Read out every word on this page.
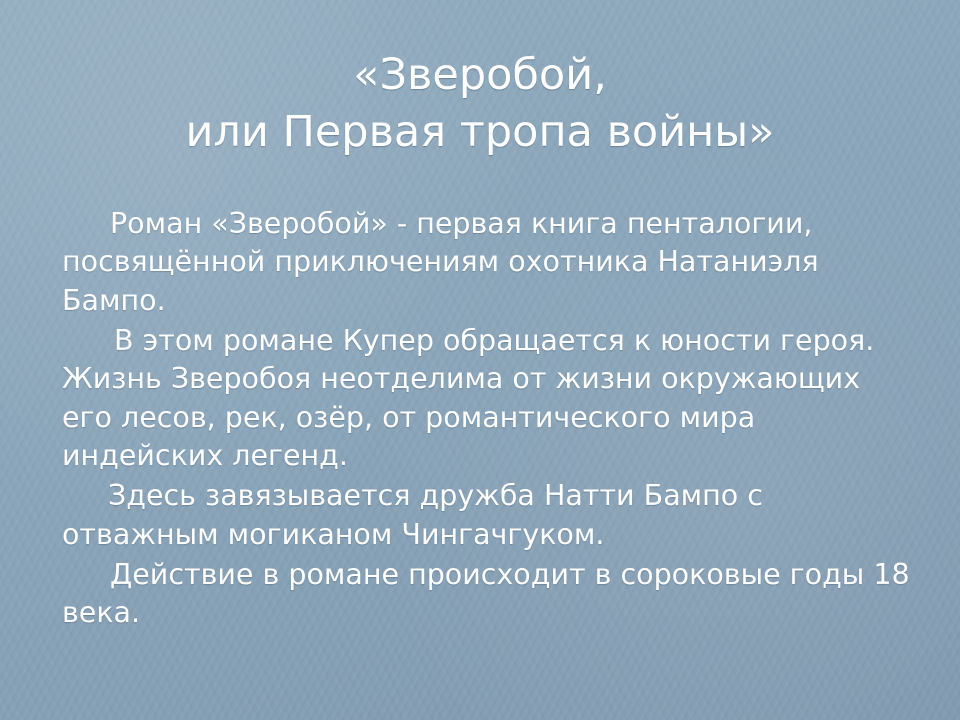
«Зверобой,
или Первая тропа войны»

Роман «Зверобой» - первая книга пенталогии, посвящённой приключениям охотника Натаниэля Бампо.

В этом романе Купер обращается к юности героя. Жизнь Зверобоя неотделима от жизни окружающих его лесов, рек, озёр, от романтического мира индейских легенд.

Здесь завязывается дружба Натти Бампо с отважным могиканом Чингачгуком.

Действие в романе происходит в сороковые годы 18 века.
